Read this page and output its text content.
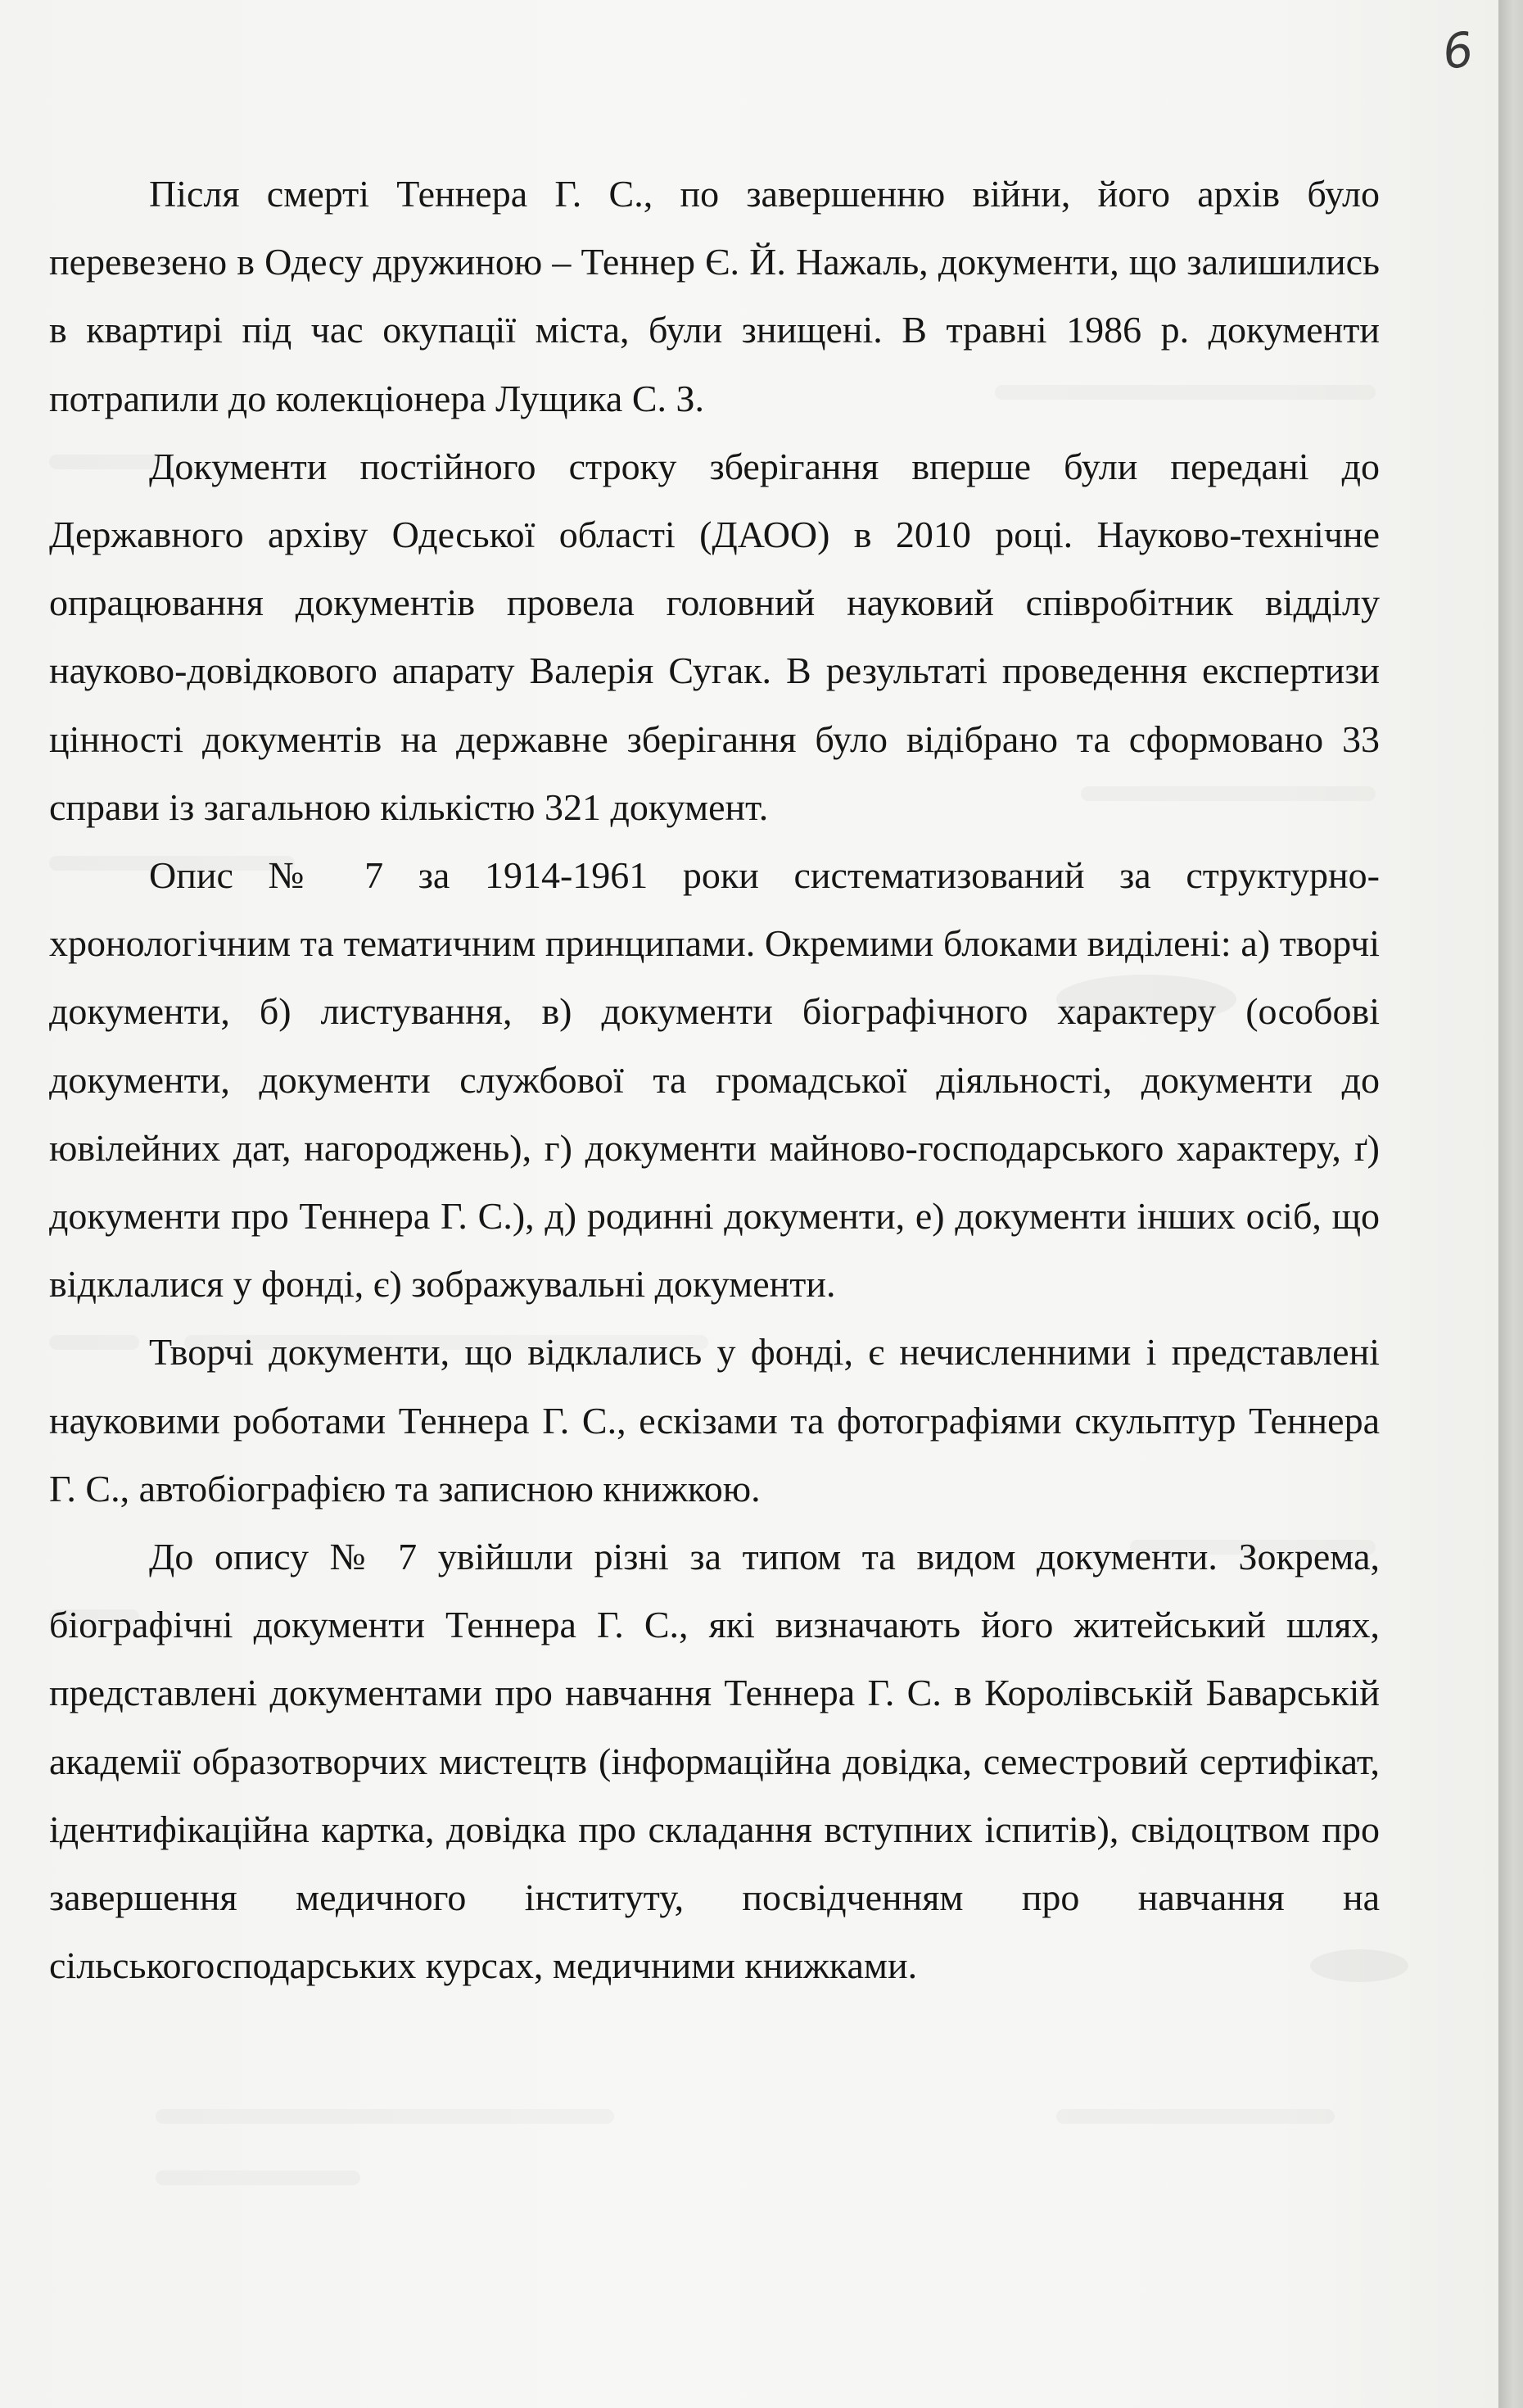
6

Після смерті Теннера Г. С., по завершенню війни, його архів було перевезено в Одесу дружиною – Теннер Є. Й. Нажаль, документи, що залишились в квартирі під час окупації міста, були знищені. В травні 1986 р. документи потрапили до колекціонера Лущика С. З.

Документи постійного строку зберігання вперше були передані до Державного архіву Одеської області (ДАОО) в 2010 році. Науково-технічне опрацювання документів провела головний науковий співробітник відділу науково-довідкового апарату Валерія Сугак. В результаті проведення експертизи цінності документів на державне зберігання було відібрано та сформовано 33 справи із загальною кількістю 321 документ.

Опис № 7 за 1914-1961 роки систематизований за структурно-хронологічним та тематичним принципами. Окремими блоками виділені: а) творчі документи, б) листування, в) документи біографічного характеру (особові документи, документи службової та громадської діяльності, документи до ювілейних дат, нагороджень), г) документи майново-господарського характеру, ґ) документи про Теннера Г. С.), д) родинні документи, е) документи інших осіб, що відклалися у фонді, є) зображувальні документи.

Творчі документи, що відклались у фонді, є нечисленними і представлені науковими роботами Теннера Г. С., ескізами та фотографіями скульптур Теннера Г. С., автобіографією та записною книжкою.

До опису № 7 увійшли різні за типом та видом документи. Зокрема, біографічні документи Теннера Г. С., які визначають його житейський шлях, представлені документами про навчання Теннера Г. С. в Королівській Баварській академії образотворчих мистецтв (інформаційна довідка, семестровий сертифікат, ідентифікаційна картка, довідка про складання вступних іспитів), свідоцтвом про завершення медичного інституту, посвідченням про навчання на сільськогосподарських курсах, медичними книжками.
